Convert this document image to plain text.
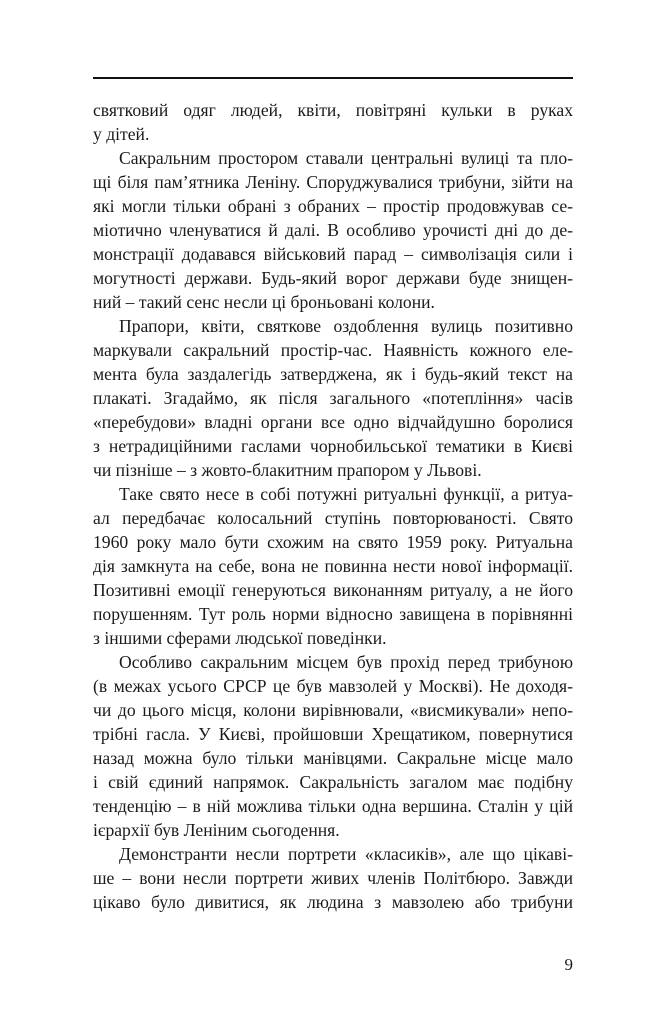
святковий одяг людей, квіти, повітряні кульки в руках
у дітей.
Сакральним простором ставали центральні вулиці та пло-
щі біля пам’ятника Леніну. Споруджувалися трибуни, зійти на
які могли тільки обрані з обраних – простір продовжував се-
міотично членуватися й далі. В особливо урочисті дні до де-
монстрації додавався військовий парад – символізація сили і
могутності держави. Будь-який ворог держави буде знищен-
ний – такий сенс несли ці броньовані колони.
Прапори, квіти, святкове оздоблення вулиць позитивно
маркували сакральний простір-час. Наявність кожного еле-
мента була заздалегідь затверджена, як і будь-який текст на
плакаті. Згадаймо, як після загального «потепління» часів
«перебудови» владні органи все одно відчайдушно боролися
з нетрадиційними гаслами чорнобильської тематики в Києві
чи пізніше – з жовто-блакитним прапором у Львові.
Таке свято несе в собі потужні ритуальні функції, а ритуа-
ал передбачає колосальний ступінь повторюваності. Свято
1960 року мало бути схожим на свято 1959 року. Ритуальна
дія замкнута на себе, вона не повинна нести нової інформації.
Позитивні емоції генеруються виконанням ритуалу, а не його
порушенням. Тут роль норми відносно завищена в порівнянні
з іншими сферами людської поведінки.
Особливо сакральним місцем був прохід перед трибуною
(в межах усього СРСР це був мавзолей у Москві). Не доходя-
чи до цього місця, колони вирівнювали, «висмикували» непо-
трібні гасла. У Києві, пройшовши Хрещатиком, повернутися
назад можна було тільки манівцями. Сакральне місце мало
і свій єдиний напрямок. Сакральність загалом має подібну
тенденцію – в ній можлива тільки одна вершина. Сталін у цій
ієрархії був Леніним сьогодення.
Демонстранти несли портрети «класиків», але що цікаві-
ше – вони несли портрети живих членів Політбюро. Завжди
цікаво було дивитися, як людина з мавзолею або трибуни
9
